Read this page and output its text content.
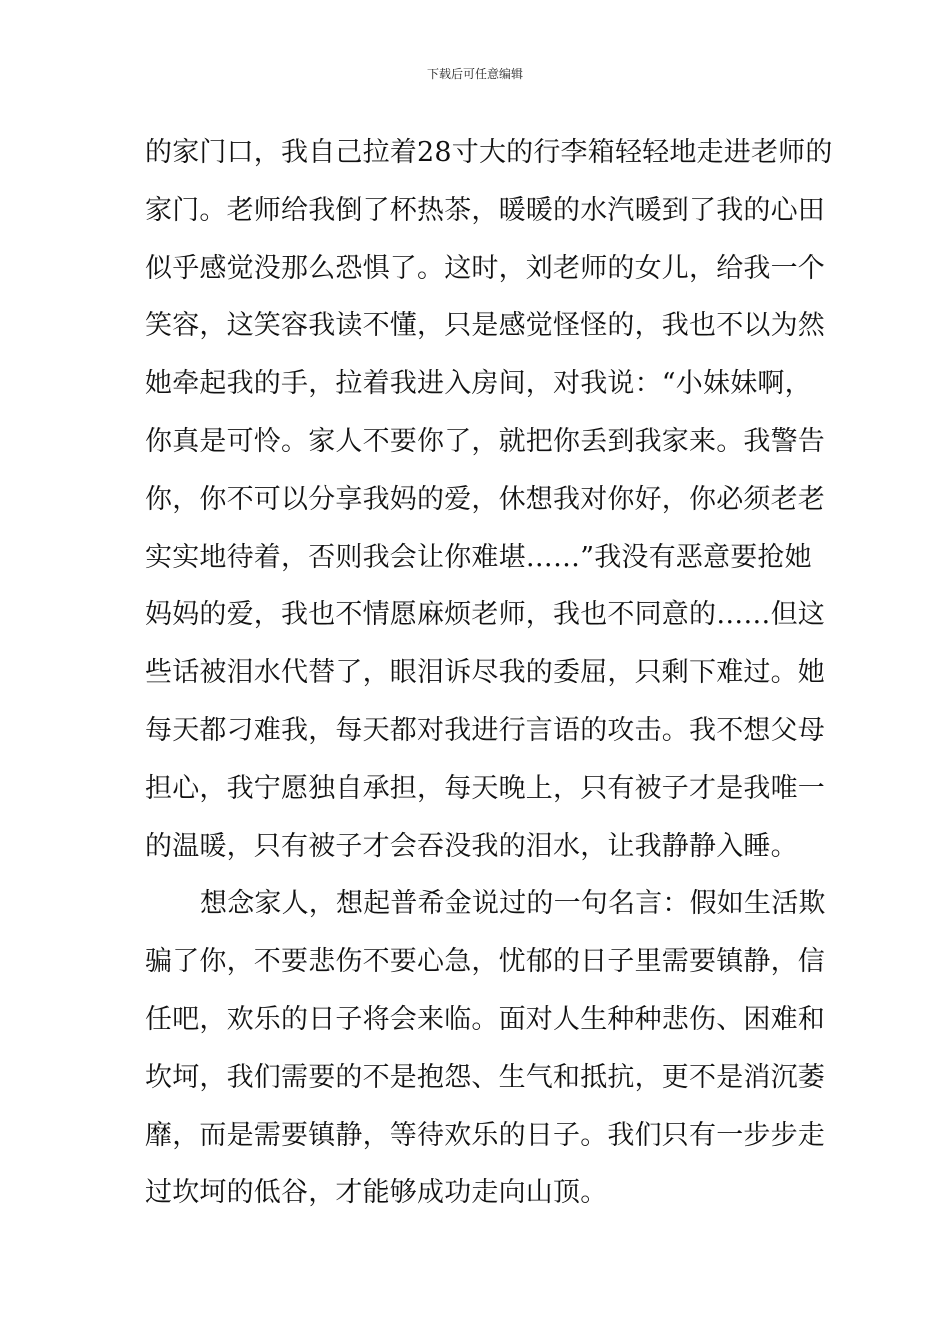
下载后可任意编辑
的家门口，我自己拉着28寸大的行李箱轻轻地走进老师的
家门。老师给我倒了杯热茶，暖暖的水汽暖到了我的心田
似乎感觉没那么恐惧了。这时，刘老师的女儿，给我一个
笑容，这笑容我读不懂，只是感觉怪怪的，我也不以为然
她牵起我的手，拉着我进入房间，对我说：“小妹妹啊，
你真是可怜。家人不要你了，就把你丢到我家来。我警告
你，你不可以分享我妈的爱，休想我对你好，你必须老老
实实地待着，否则我会让你难堪……”我没有恶意要抢她
妈妈的爱，我也不情愿麻烦老师，我也不同意的……但这
些话被泪水代替了，眼泪诉尽我的委屈，只剩下难过。她
每天都刁难我，每天都对我进行言语的攻击。我不想父母
担心，我宁愿独自承担，每天晚上，只有被子才是我唯一
的温暖，只有被子才会吞没我的泪水，让我静静入睡。
想念家人，想起普希金说过的一句名言：假如生活欺
骗了你，不要悲伤不要心急，忧郁的日子里需要镇静，信
任吧，欢乐的日子将会来临。面对人生种种悲伤、困难和
坎坷，我们需要的不是抱怨、生气和抵抗，更不是消沉萎
靡，而是需要镇静，等待欢乐的日子。我们只有一步步走
过坎坷的低谷，才能够成功走向山顶。
